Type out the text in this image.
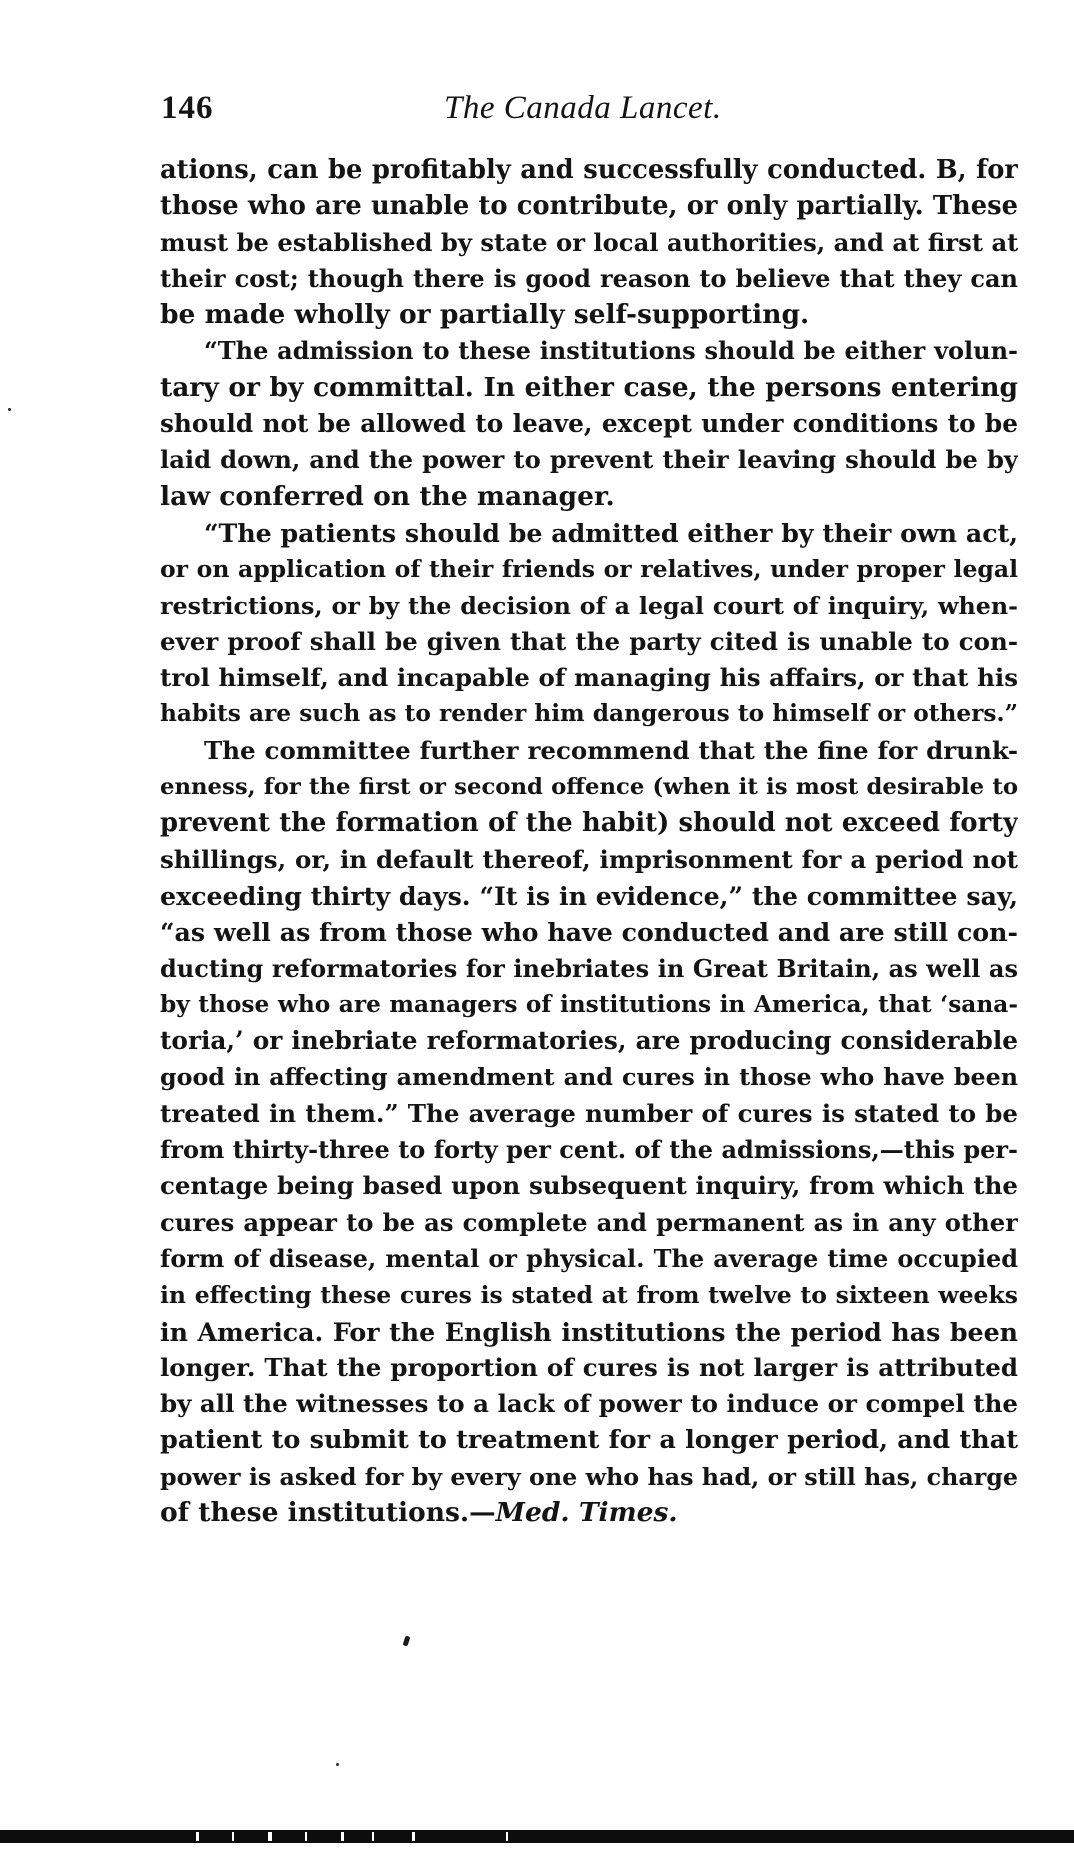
146	The Canada Lancet.
ations, can be profitably and successfully conducted. B, for
those who are unable to contribute, or only partially. These
must be established by state or local authorities, and at first at
their cost; though there is good reason to believe that they can
be made wholly or partially self-supporting.
“The admission to these institutions should be either volun-
tary or by committal. In either case, the persons entering
should not be allowed to leave, except under conditions to be
laid down, and the power to prevent their leaving should be by
law conferred on the manager.
“The patients should be admitted either by their own act,
or on application of their friends or relatives, under proper legal
restrictions, or by the decision of a legal court of inquiry, when-
ever proof shall be given that the party cited is unable to con-
trol himself, and incapable of managing his affairs, or that his
habits are such as to render him dangerous to himself or others.”
The committee further recommend that the fine for drunk-
enness, for the first or second offence (when it is most desirable to
prevent the formation of the habit) should not exceed forty
shillings, or, in default thereof, imprisonment for a period not
exceeding thirty days. “It is in evidence,” the committee say,
“as well as from those who have conducted and are still con-
ducting reformatories for inebriates in Great Britain, as well as
by those who are managers of institutions in America, that ‘sana-
toria,’ or inebriate reformatories, are producing considerable
good in affecting amendment and cures in those who have been
treated in them.” The average number of cures is stated to be
from thirty-three to forty per cent. of the admissions,—this per-
centage being based upon subsequent inquiry, from which the
cures appear to be as complete and permanent as in any other
form of disease, mental or physical. The average time occupied
in effecting these cures is stated at from twelve to sixteen weeks
in America. For the English institutions the period has been
longer. That the proportion of cures is not larger is attributed
by all the witnesses to a lack of power to induce or compel the
patient to submit to treatment for a longer period, and that
power is asked for by every one who has had, or still has, charge
of these institutions.—Med. Times.
